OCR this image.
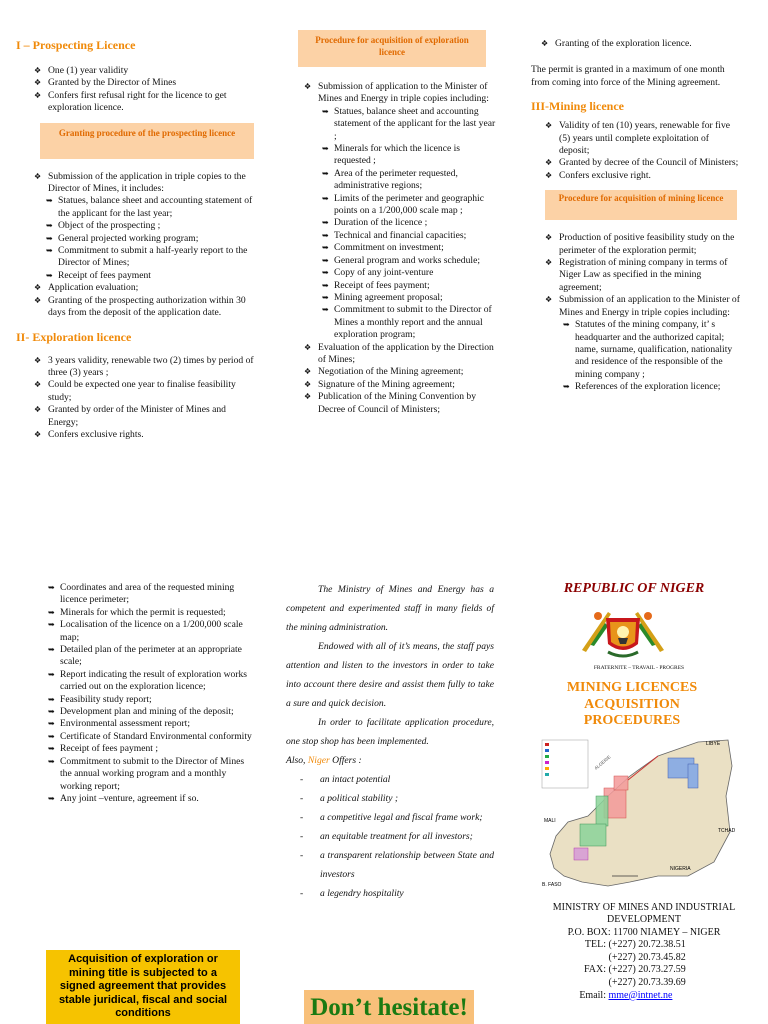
I – Prospecting Licence
❖ One (1) year validity
❖ Granted by the Director of Mines
❖ Confers first refusal right for the licence to get exploration licence.
Granting procedure of the prospecting licence
❖ Submission of the application in triple copies to the Director of Mines, it includes:
➥ Statues, balance sheet and accounting statement of the applicant for the last year;
➥ Object of the prospecting ;
➥ General projected working program;
➥ Commitment to submit a half-yearly report to the Director of Mines;
➥ Receipt of fees payment
❖ Application evaluation;
❖ Granting of the prospecting authorization within 30 days from the deposit of the application date.
II- Exploration licence
❖ 3 years validity, renewable two (2) times by period of three (3) years ;
❖ Could be expected one year to finalise feasibility study;
❖ Granted by order of the Minister of Mines and Energy;
❖ Confers exclusive rights.
Procedure for acquisition of exploration licence
❖ Submission of application to the Minister of Mines and Energy in triple copies including:
➥ Statues, balance sheet and accounting statement of the applicant for the last year ;
➥ Minerals for which the licence is requested ;
➥ Area of the perimeter requested, administrative regions;
➥ Limits of the perimeter and geographic points on a 1/200,000 scale map ;
➥ Duration of the licence ;
➥ Technical and financial capacities;
➥ Commitment on investment;
➥ General program and works schedule;
➥ Copy of any joint-venture
➥ Receipt of fees payment;
➥ Mining agreement proposal;
➥ Commitment to submit to the Director of Mines a monthly report and the annual exploration program;
❖ Evaluation of the application by the Direction of Mines;
❖ Negotiation of the Mining agreement;
❖ Signature of the Mining agreement;
❖ Publication of the Mining Convention by Decree of Council of Ministers;
❖ Granting of the exploration licence.

The permit is granted in a maximum of one month from coming into force of the Mining agreement.

III-Mining licence
❖ Validity of ten (10) years, renewable for five (5) years until complete exploitation of deposit;
❖ Granted by decree of the Council of Ministers;
❖ Confers exclusive right.
Procedure for acquisition of mining licence
❖ Production of positive feasibility study on the perimeter of the exploration permit;
❖ Registration of mining company in terms of Niger Law as specified in the mining agreement;
❖ Submission of an application to the Minister of Mines and Energy in triple copies including:
➥ Statutes of the mining company, it’ s headquarter and the authorized capital; name, surname, qualification, nationality and residence of the responsible of the mining company ;
➥ References of the exploration licence;
➥ Coordinates and area of the requested mining licence perimeter;
➥ Minerals for which the permit is requested;
➥ Localisation of the licence on a 1/200,000 scale map;
➥ Detailed plan of the perimeter at an appropriate scale;
➥ Report indicating the result of exploration works carried out on the exploration licence;
➥ Feasibility study report;
➥ Development plan and mining of the deposit;
➥ Environmental assessment report;
➥ Certificate of Standard Environmental conformity
➥ Receipt of fees payment ;
➥ Commitment to submit to the Director of Mines the annual working program and a monthly working report;
➥ Any joint –venture, agreement if so.
Acquisition of exploration or mining title is subjected to a signed agreement that provides stable juridical, fiscal and social conditions

The Ministry of Mines and Energy has a competent and experimented staff in many fields of the mining administration.

Endowed with all of it’s means, the staff pays attention and listen to the investors in order to take into account there desire and assist them fully to take a sure and quick decision.

In order to facilitate application procedure, one stop shop has been implemented.

Also, Niger Offers :

- an intact potential
- a political stability ;
- a competitive legal and fiscal frame work;
- an equitable treatment for all investors;
- a transparent relationship between State and investors
- a legendry hospitality
Don’t hesitate!
REPUBLIC OF NIGER
FRATERNITE – TRAVAIL - PROGRES
MINING LICENCES ACQUISITION PROCEDURES
LIBYE
ALGERIE
MALI
TCHAD
NIGERIA
B. FASO
MINISTRY OF MINES AND INDUSTRIAL DEVELOPMENT
P.O. BOX: 11700 NIAMEY – NIGER
TEL: (+227) 20.72.38.51
(+227) 20.73.45.82
FAX: (+227) 20.73.27.59
(+227) 20.73.39.69
Email: mme@intnet.ne
